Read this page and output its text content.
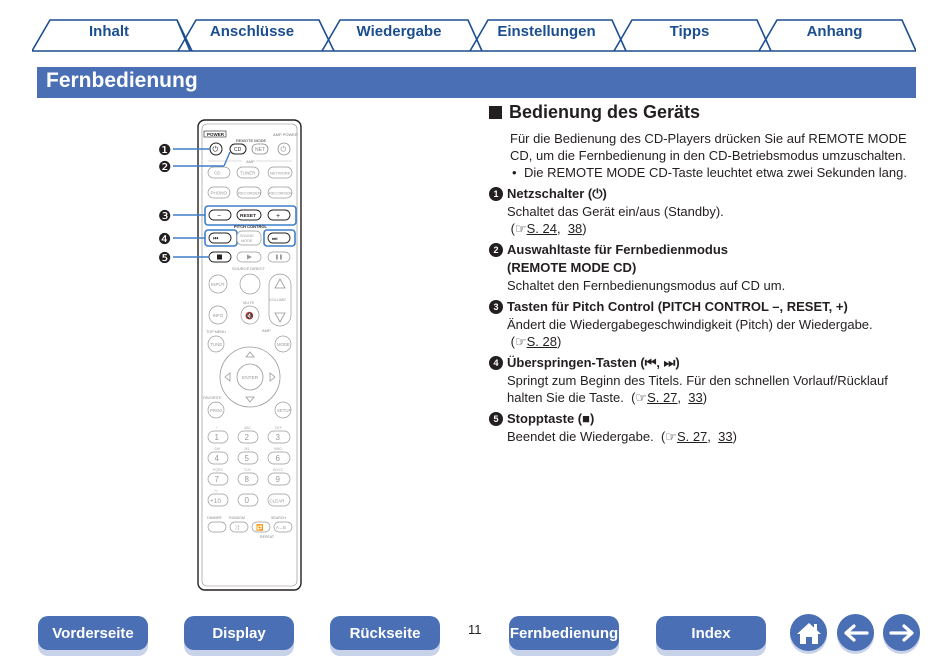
Inhalt	Anschlüsse	Wiedergabe	Einstellungen	Tipps	Anhang
Fernbedienung
POWER
REMOTE MODE
AMP POWER
⏻	CD	NET ⏻
AMP
CD	TUNER	NETWORK
PHONO	RECORDER RECORDER
−	RESET	+
PITCH CONTROL
⏮
SOUND
MODE	⏭
SOURCE DIRECT
INPUT
VOLUME
MUTE
🔇
INFO
TOP MENU	AMP
TUNE	MODE
ENTER
FAVORITE
PROG	SETUP
1	2	3
4	5	6
7	8	9
+10	0	CLEAR
/	ABC	DEF
GHI	JKL	MNO
PQRS	TUV	WXYZ
+/-
DIMMER RANDOM	SEARCH
⤨	🔁	A↔B
REPEAT
❶
❷
❸
❹
❺
Bedienung des Geräts
Für die Bedienung des CD-Players drücken Sie auf REMOTE MODE CD, um die Fernbedienung in den CD-Betriebsmodus umzuschalten.
• Die REMOTE MODE CD-Taste leuchtet etwa zwei Sekunden lang.
1 Netzschalter (⏻)
Schaltet das Gerät ein/aus (Standby).
(☞S. 24,  38)
2 Auswahltaste für Fernbedienmodus
(REMOTE MODE CD)
Schaltet den Fernbedienungsmodus auf CD um.
3 Tasten für Pitch Control (PITCH CONTROL –, RESET, +)
Ändert die Wiedergabegeschwindigkeit (Pitch) der Wiedergabe.
(☞S. 28)
4 Überspringen-Tasten (⏮, ⏭)
Springt zum Beginn des Titels. Für den schnellen Vorlauf/Rücklauf halten Sie die Taste. (☞S. 27,  33)
5 Stopptaste (■)
Beendet die Wiedergabe. (☞S. 27,  33)
Vorderseite	Display	Rückseite	11 Fernbedienung	Index
